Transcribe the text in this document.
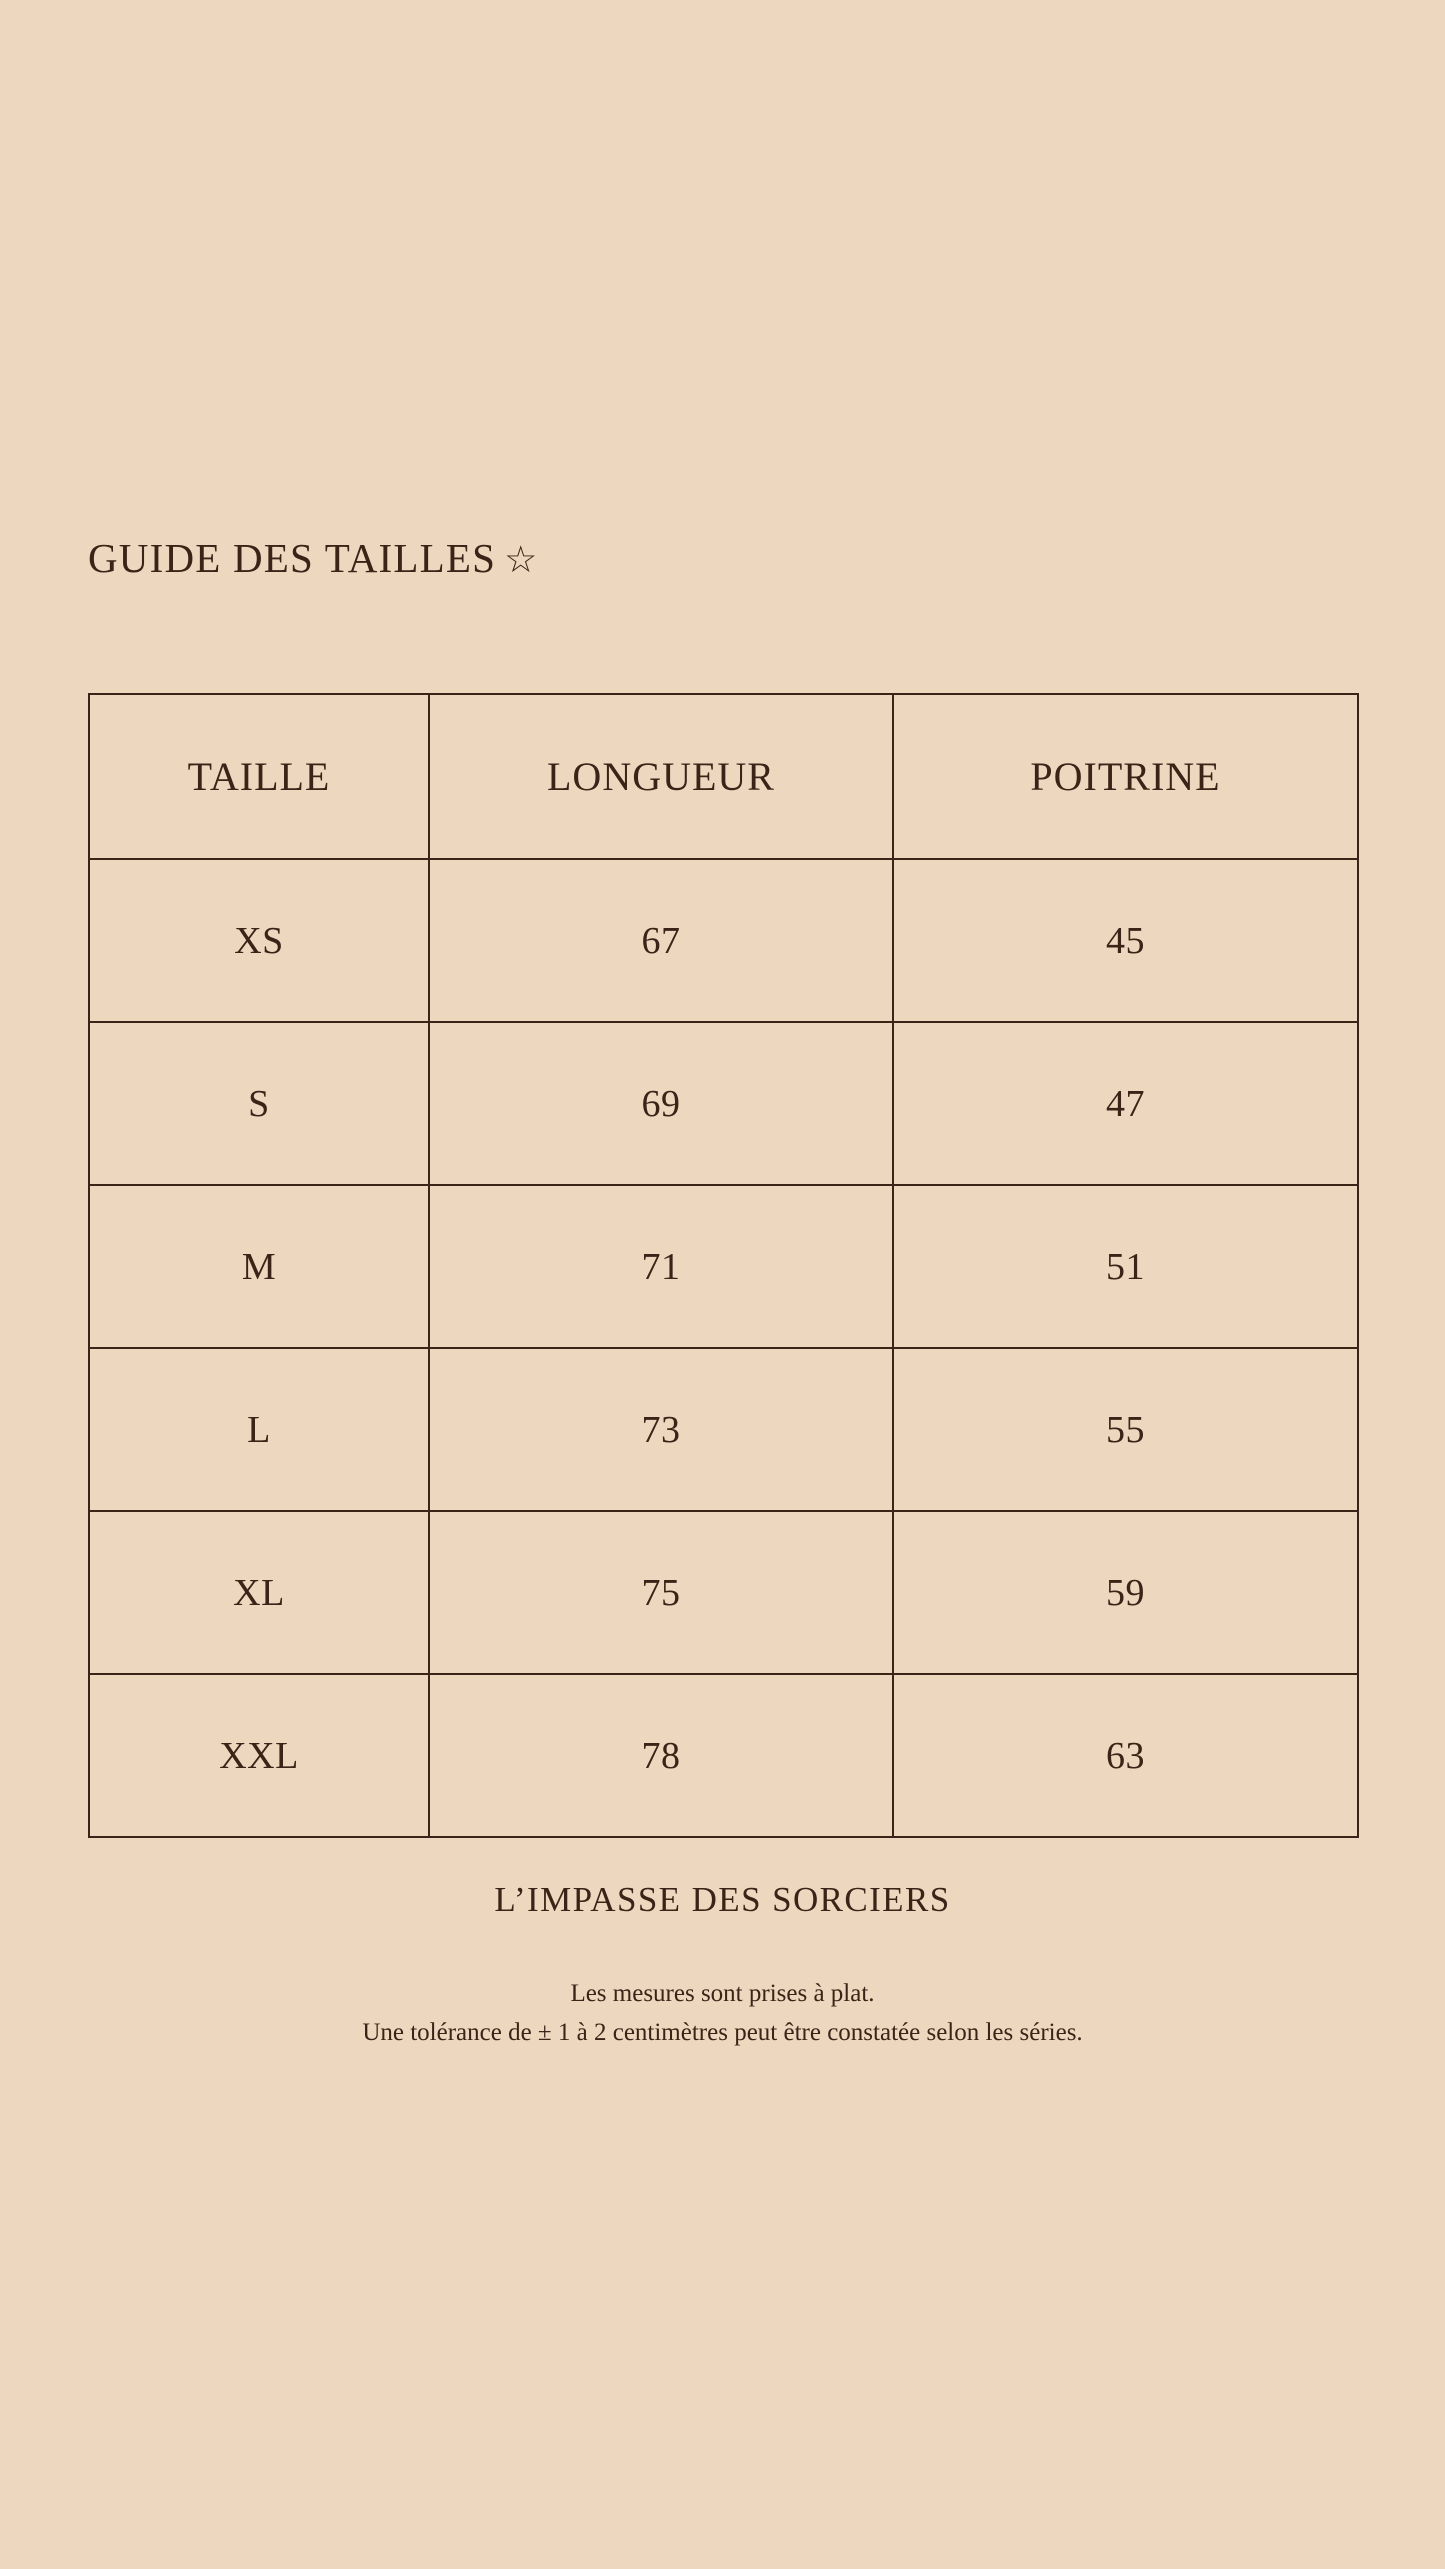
GUIDE DES TAILLES ☆
TAILLE	LONGUEUR	POITRINE
XS	67	45
S	69	47
M	71	51
L	73	55
XL	75	59
XXL	78	63
L’IMPASSE DES SORCIERS
Les mesures sont prises à plat.
Une tolérance de ± 1 à 2 centimètres peut être constatée selon les séries.
